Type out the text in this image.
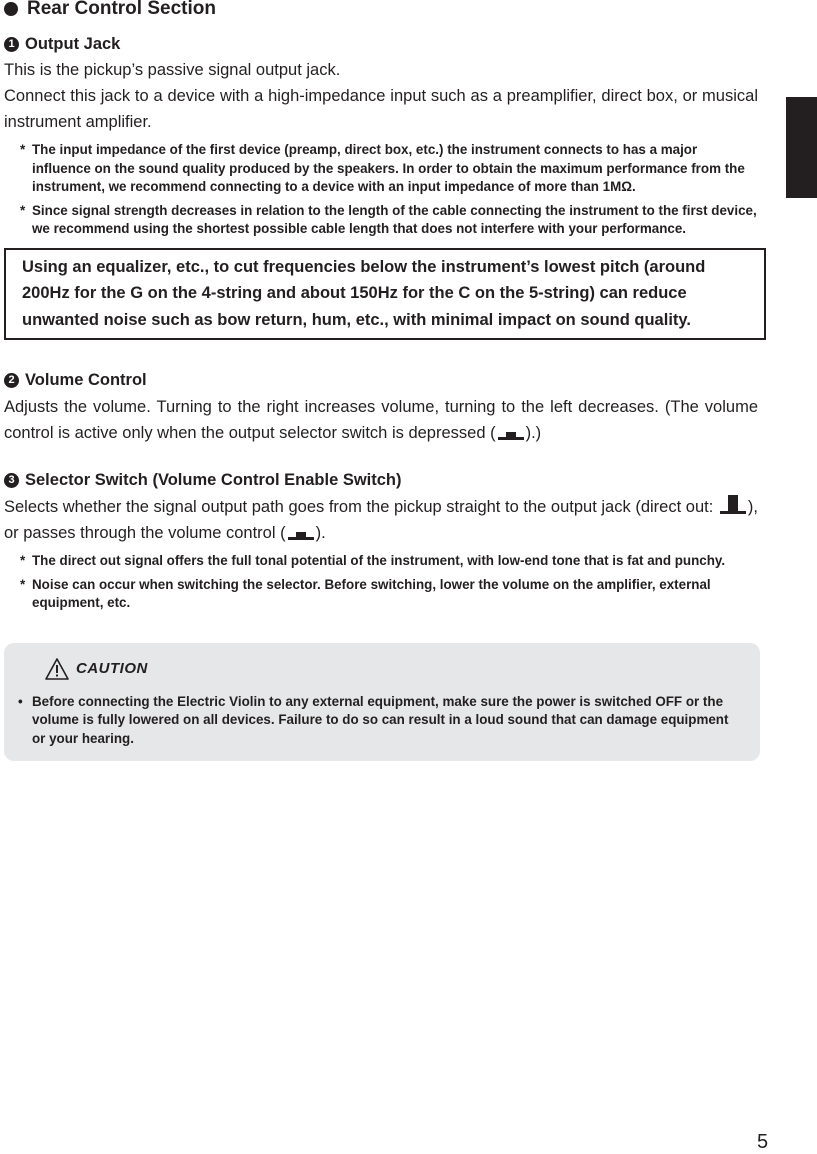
Rear Control Section
1 Output Jack
This is the pickup’s passive signal output jack.
Connect this jack to a device with a high-impedance input such as a preamplifier, direct box, or musical instrument amplifier.
* The input impedance of the first device (preamp, direct box, etc.) the instrument connects to has a major influence on the sound quality produced by the speakers. In order to obtain the maximum performance from the instrument, we recommend connecting to a device with an input impedance of more than 1MΩ.
* Since signal strength decreases in relation to the length of the cable connecting the instrument to the first device, we recommend using the shortest possible cable length that does not interfere with your performance.
Using an equalizer, etc., to cut frequencies below the instrument’s lowest pitch (around 200Hz for the G on the 4-string and about 150Hz for the C on the 5-string) can reduce unwanted noise such as bow return, hum, etc., with minimal impact on sound quality.
2 Volume Control
Adjusts the volume. Turning to the right increases volume, turning to the left decreases. (The volume control is active only when the output selector switch is depressed ( ).)
3 Selector Switch (Volume Control Enable Switch)
Selects whether the signal output path goes from the pickup straight to the output jack (direct out: ), or passes through the volume control ( ).
* The direct out signal offers the full tonal potential of the instrument, with low-end tone that is fat and punchy.
* Noise can occur when switching the selector. Before switching, lower the volume on the amplifier, external equipment, etc.
CAUTION
• Before connecting the Electric Violin to any external equipment, make sure the power is switched OFF or the volume is fully lowered on all devices. Failure to do so can result in a loud sound that can damage equipment or your hearing.
5
